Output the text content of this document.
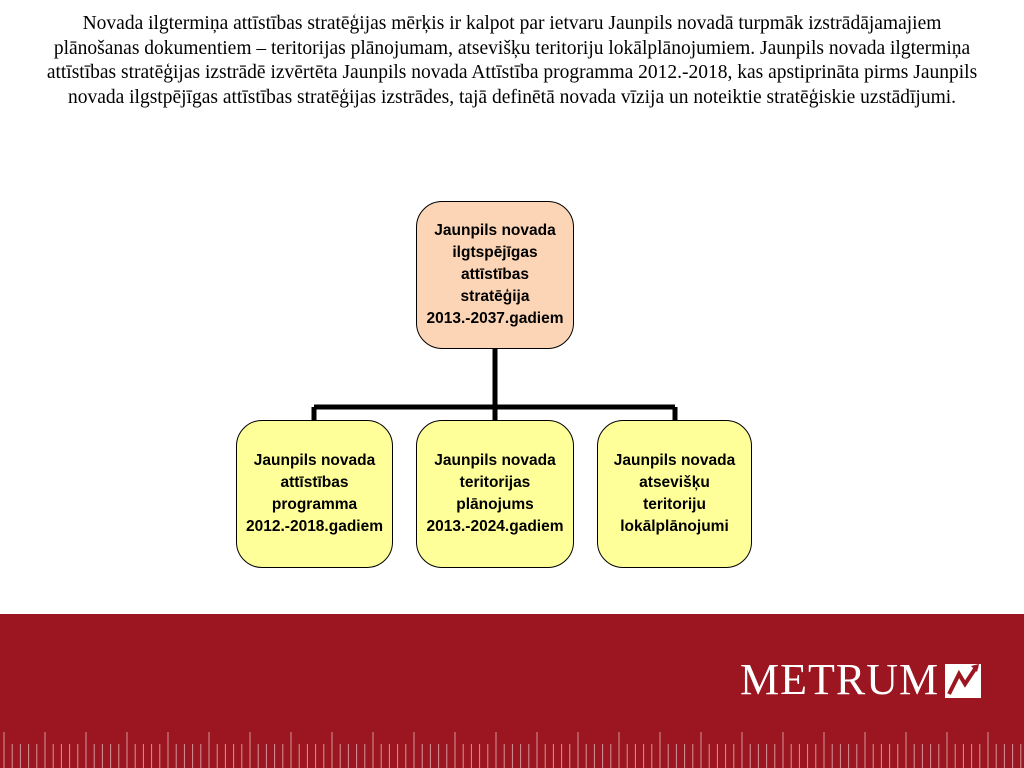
Novada ilgtermiņa attīstības stratēģijas mērķis ir kalpot par ietvaru Jaunpils novadā turpmāk izstrādājamajiem plānošanas dokumentiem – teritorijas plānojumam, atsevišķu teritoriju lokālplānojumiem. Jaunpils novada ilgtermiņa attīstības stratēģijas izstrādē izvērtēta Jaunpils novada Attīstība programma 2012.-2018, kas apstiprināta pirms Jaunpils novada ilgstpējīgas attīstības stratēģijas izstrādes, tajā definētā novada vīzija un noteiktie stratēģiskie uzstādījumi.

Jaunpils novada ilgtspējīgas attīstības stratēģija 2013.-2037.gadiem
Jaunpils novada attīstības programma 2012.-2018.gadiem
Jaunpils novada teritorijas plānojums 2013.-2024.gadiem
Jaunpils novada atsevišķu teritoriju lokālplānojumi
METRUM
